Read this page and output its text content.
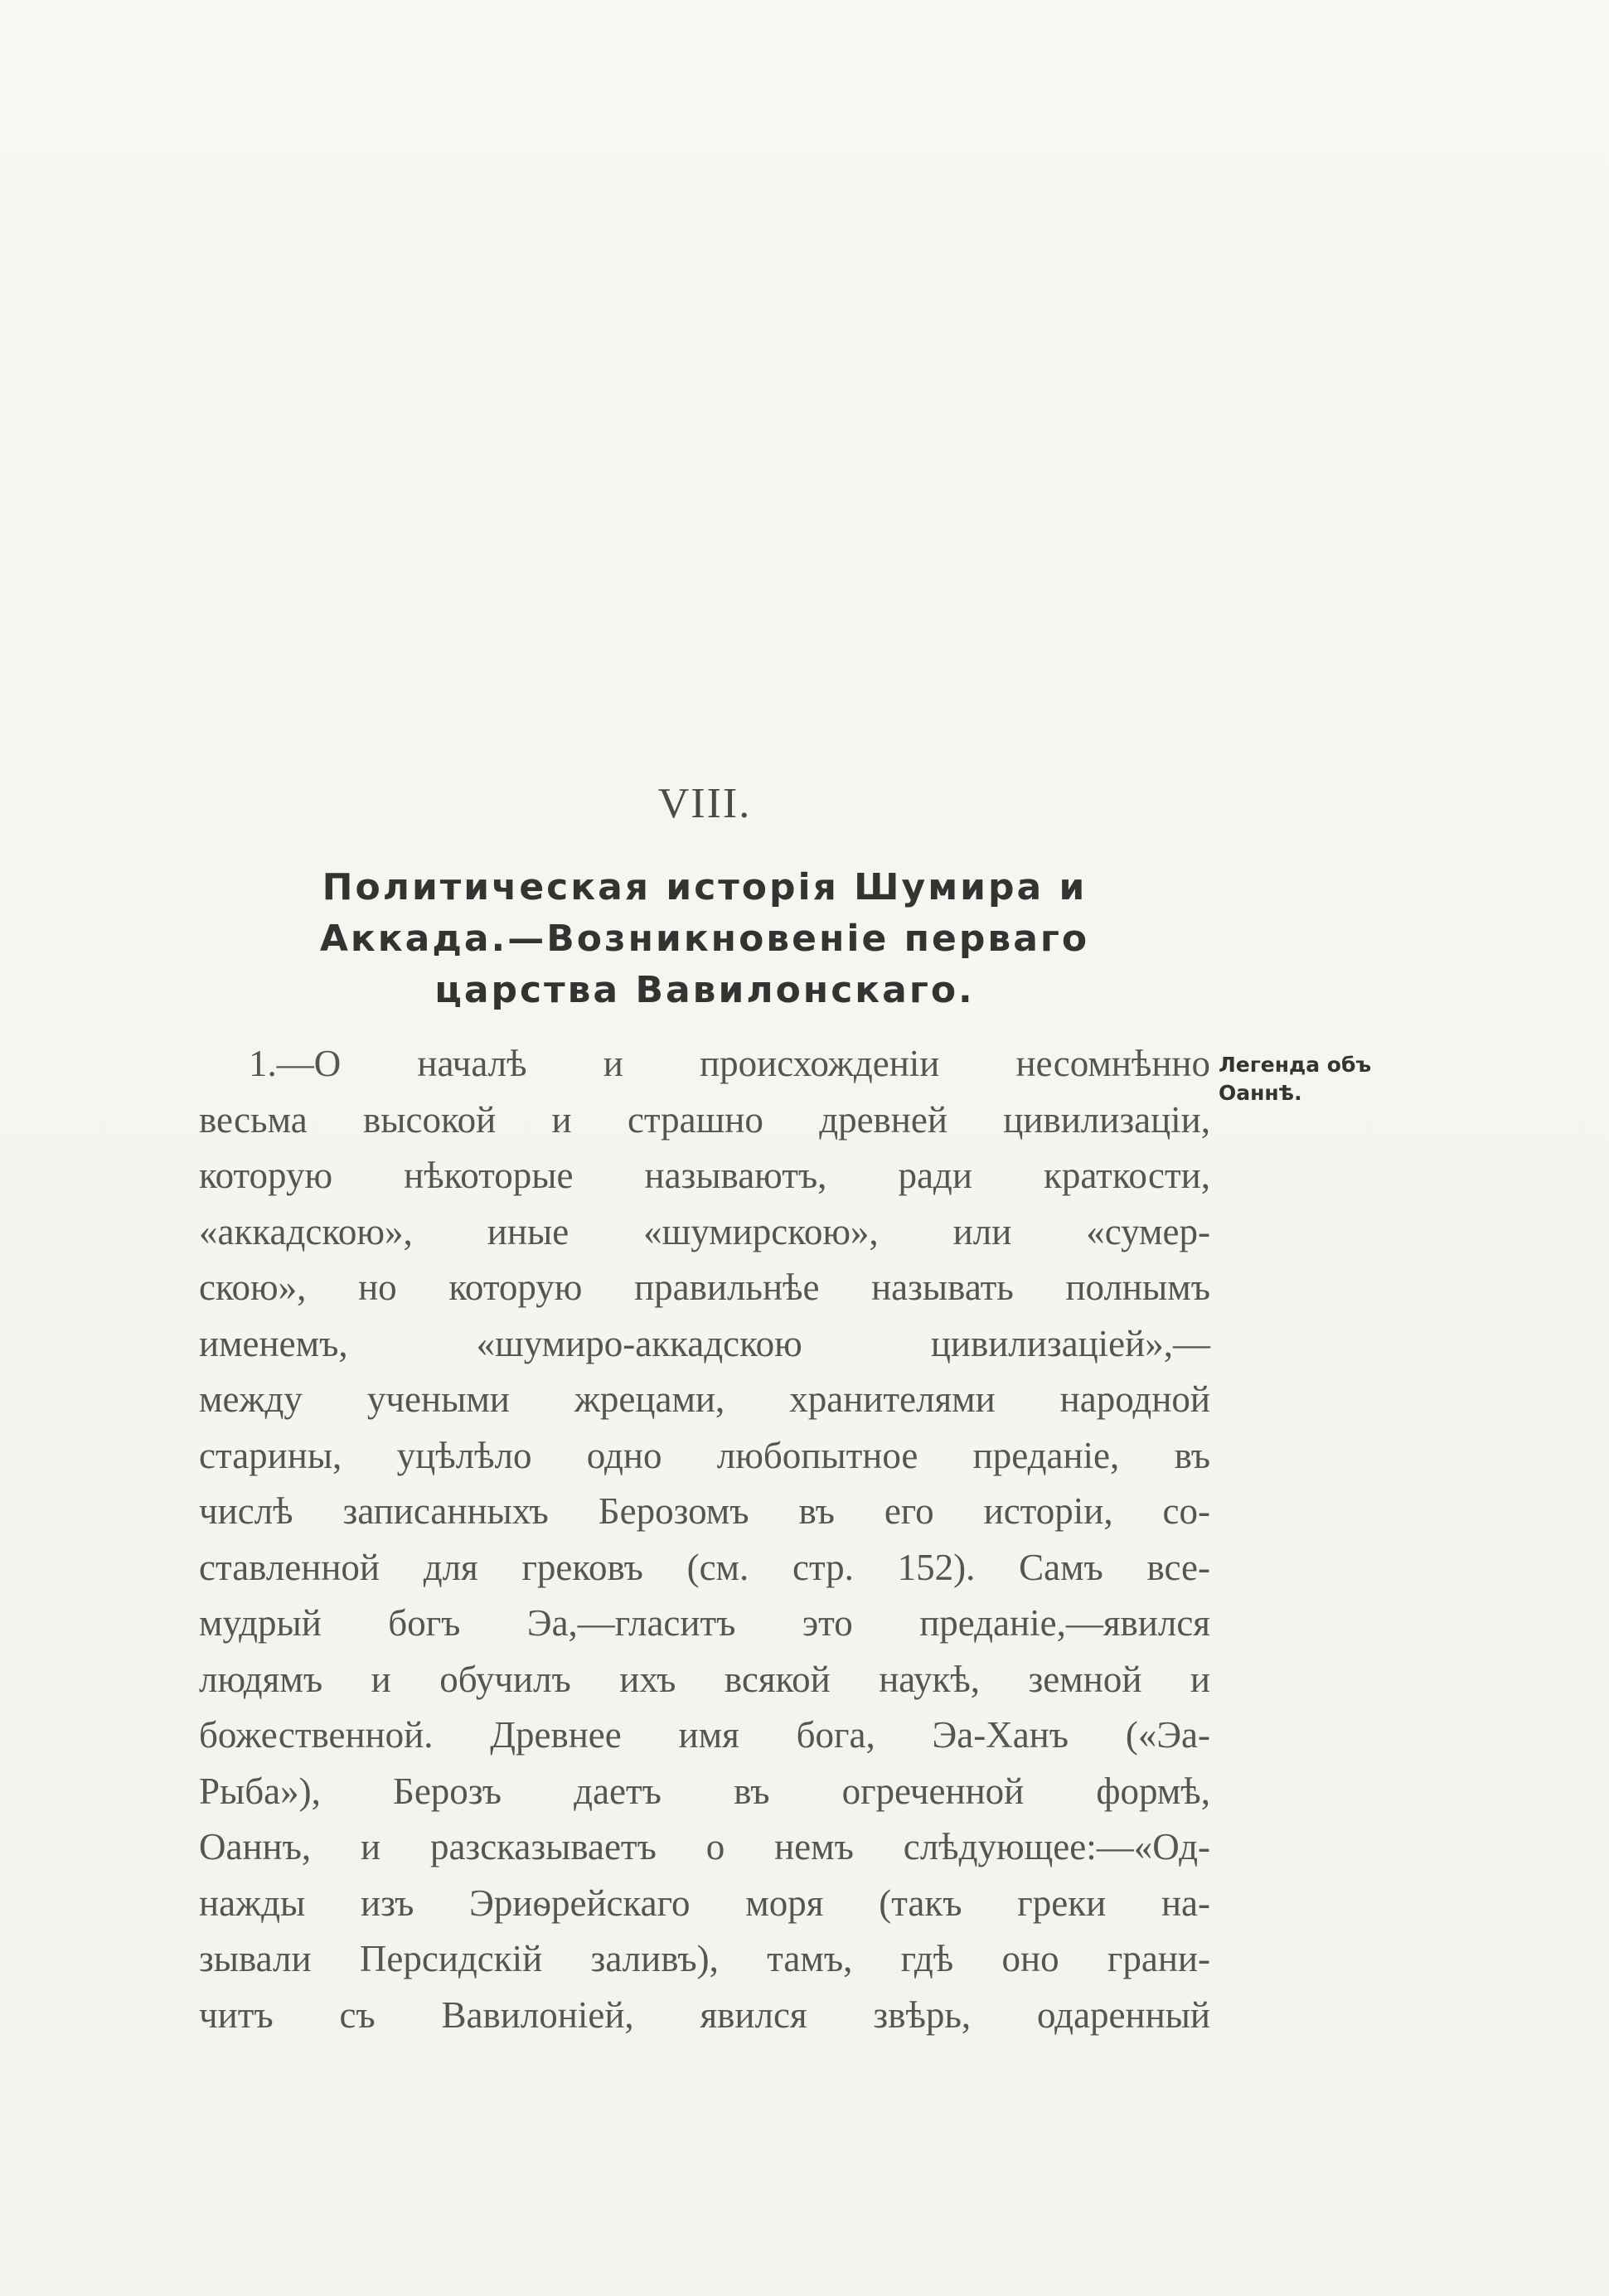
VIII.
Политическая исторія Шумира и
Аккада.—Возникновеніе перваго
царства Вавилонскаго.
1.—О началѣ и происхожденіи несомнѣнно
весьма высокой и страшно древней цивилизаціи,
которую нѣкоторые называютъ, ради краткости,
«аккадскою», иные «шумирскою», или «сумер-
скою», но которую правильнѣе называть полнымъ
именемъ, «шумиро-аккадскою цивилизаціей»,—
между учеными жрецами, хранителями народной
старины, уцѣлѣло одно любопытное преданіе, въ
числѣ записанныхъ Берозомъ въ его исторіи, со-
ставленной для грековъ (см. стр. 152). Самъ все-
мудрый богъ Эа,—гласитъ это преданіе,—явился
людямъ и обучилъ ихъ всякой наукѣ, земной и
божественной. Древнее имя бога, Эа-Ханъ («Эа-
Рыба»), Берозъ даетъ въ огреченной формѣ,
Оаннъ, и разсказываетъ о немъ слѣдующее:—«Од-
нажды изъ Эриѳрейскаго моря (такъ греки на-
зывали Персидскій заливъ), тамъ, гдѣ оно грани-
читъ съ Вавилоніей, явился звѣрь, одаренный
Легенда объ
Оаннѣ.
